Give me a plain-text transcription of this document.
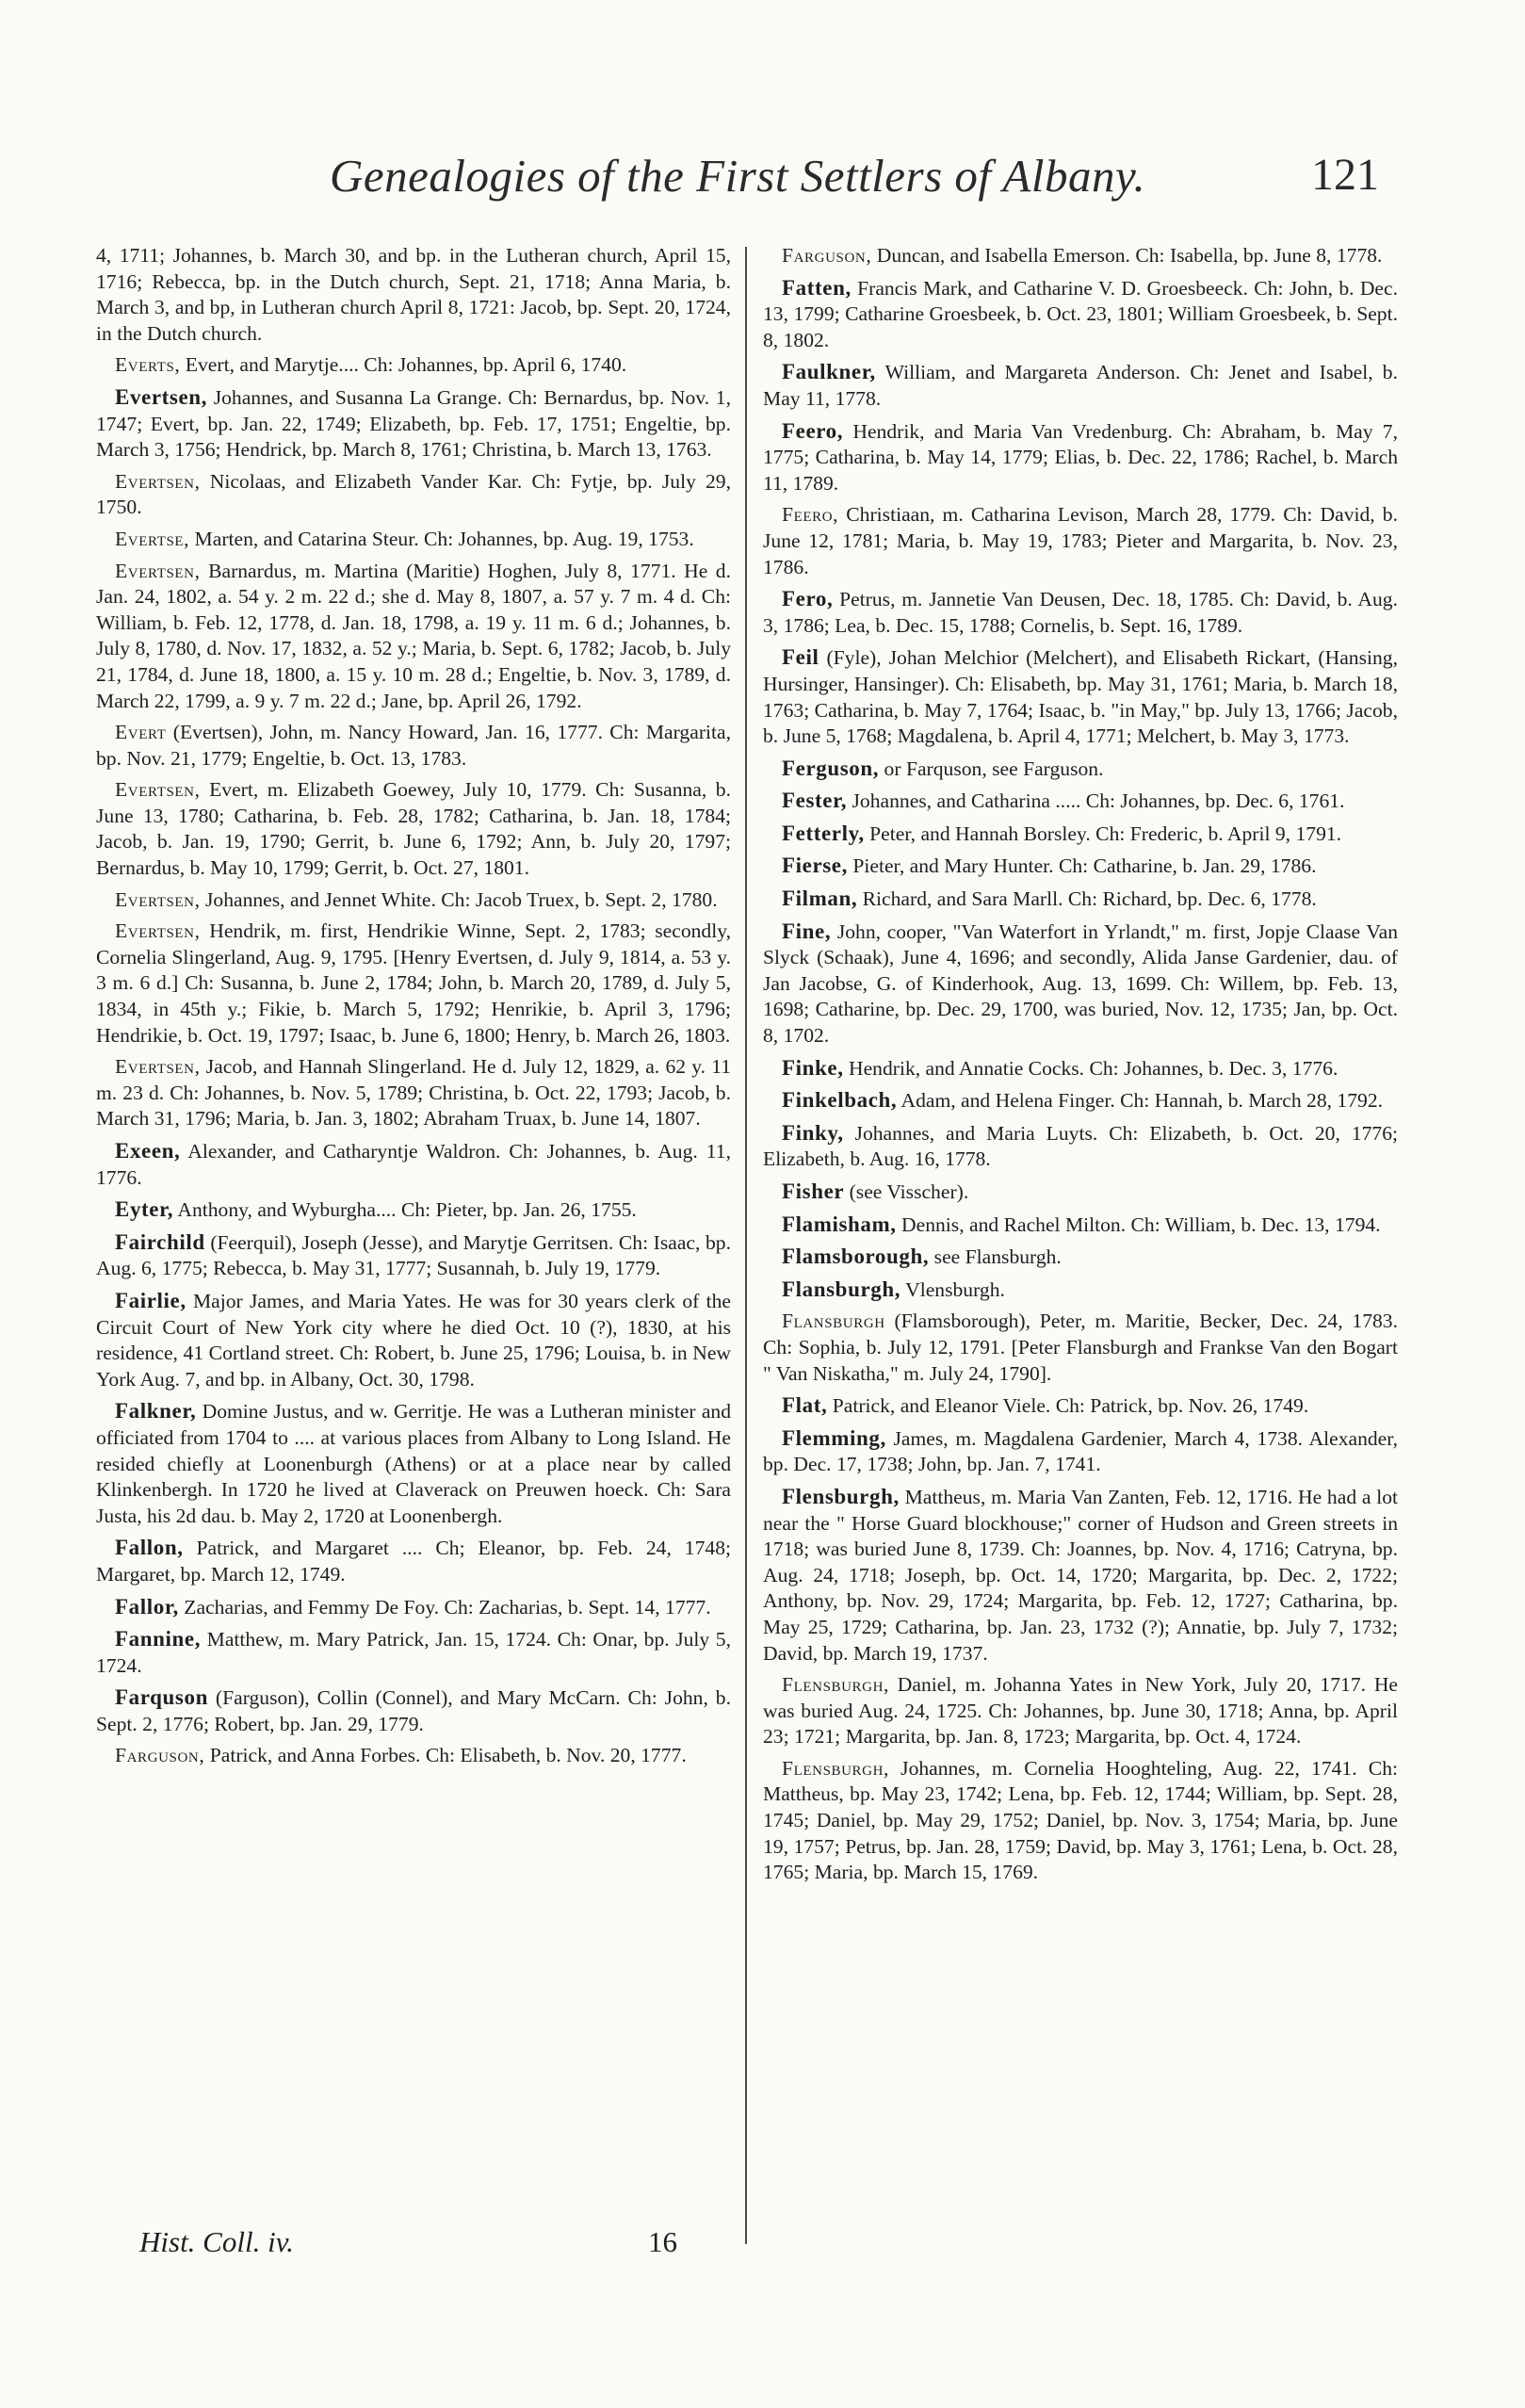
Genealogies of the First Settlers of Albany.	121

4, 1711; Johannes, b. March 30, and bp. in the Lutheran church, April 15, 1716; Rebecca, bp. in the Dutch church, Sept. 21, 1718; Anna Maria, b. March 3, and bp, in Lutheran church April 8, 1721: Jacob, bp. Sept. 20, 1724, in the Dutch church.

Everts, Evert, and Marytje.... Ch: Johannes, bp. April 6, 1740.

Evertsen, Johannes, and Susanna La Grange. Ch: Bernardus, bp. Nov. 1, 1747; Evert, bp. Jan. 22, 1749; Elizabeth, bp. Feb. 17, 1751; Engeltie, bp. March 3, 1756; Hendrick, bp. March 8, 1761; Christina, b. March 13, 1763.

Evertsen, Nicolaas, and Elizabeth Vander Kar. Ch: Fytje, bp. July 29, 1750.

Evertse, Marten, and Catarina Steur. Ch: Johannes, bp. Aug. 19, 1753.

Evertsen, Barnardus, m. Martina (Maritie) Hoghen, July 8, 1771. He d. Jan. 24, 1802, a. 54 y. 2 m. 22 d.; she d. May 8, 1807, a. 57 y. 7 m. 4 d. Ch: William, b. Feb. 12, 1778, d. Jan. 18, 1798, a. 19 y. 11 m. 6 d.; Johannes, b. July 8, 1780, d. Nov. 17, 1832, a. 52 y.; Maria, b. Sept. 6, 1782; Jacob, b. July 21, 1784, d. June 18, 1800, a. 15 y. 10 m. 28 d.; Engeltie, b. Nov. 3, 1789, d. March 22, 1799, a. 9 y. 7 m. 22 d.; Jane, bp. April 26, 1792.

Evert (Evertsen), John, m. Nancy Howard, Jan. 16, 1777. Ch: Margarita, bp. Nov. 21, 1779; Engeltie, b. Oct. 13, 1783.

Evertsen, Evert, m. Elizabeth Goewey, July 10, 1779. Ch: Susanna, b. June 13, 1780; Catharina, b. Feb. 28, 1782; Catharina, b. Jan. 18, 1784; Jacob, b. Jan. 19, 1790; Gerrit, b. June 6, 1792; Ann, b. July 20, 1797; Bernardus, b. May 10, 1799; Gerrit, b. Oct. 27, 1801.

Evertsen, Johannes, and Jennet White. Ch: Jacob Truex, b. Sept. 2, 1780.

Evertsen, Hendrik, m. first, Hendrikie Winne, Sept. 2, 1783; secondly, Cornelia Slingerland, Aug. 9, 1795. [Henry Evertsen, d. July 9, 1814, a. 53 y. 3 m. 6 d.] Ch: Susanna, b. June 2, 1784; John, b. March 20, 1789, d. July 5, 1834, in 45th y.; Fikie, b. March 5, 1792; Henrikie, b. April 3, 1796; Hendrikie, b. Oct. 19, 1797; Isaac, b. June 6, 1800; Henry, b. March 26, 1803.

Evertsen, Jacob, and Hannah Slingerland. He d. July 12, 1829, a. 62 y. 11 m. 23 d. Ch: Johannes, b. Nov. 5, 1789; Christina, b. Oct. 22, 1793; Jacob, b. March 31, 1796; Maria, b. Jan. 3, 1802; Abraham Truax, b. June 14, 1807.

Exeen, Alexander, and Catharyntje Waldron. Ch: Johannes, b. Aug. 11, 1776.

Eyter, Anthony, and Wyburgha.... Ch: Pieter, bp. Jan. 26, 1755.

Fairchild (Feerquil), Joseph (Jesse), and Marytje Gerritsen. Ch: Isaac, bp. Aug. 6, 1775; Rebecca, b. May 31, 1777; Susannah, b. July 19, 1779.

Fairlie, Major James, and Maria Yates. He was for 30 years clerk of the Circuit Court of New York city where he died Oct. 10 (?), 1830, at his residence, 41 Cortland street. Ch: Robert, b. June 25, 1796; Louisa, b. in New York Aug. 7, and bp. in Albany, Oct. 30, 1798.

Falkner, Domine Justus, and w. Gerritje. He was a Lutheran minister and officiated from 1704 to .... at various places from Albany to Long Island. He resided chiefly at Loonenburgh (Athens) or at a place near by called Klinkenbergh. In 1720 he lived at Claverack on Preuwen hoeck. Ch: Sara Justa, his 2d dau. b. May 2, 1720 at Loonenbergh.

Fallon, Patrick, and Margaret .... Ch; Eleanor, bp. Feb. 24, 1748; Margaret, bp. March 12, 1749.

Fallor, Zacharias, and Femmy De Foy. Ch: Zacharias, b. Sept. 14, 1777.

Fannine, Matthew, m. Mary Patrick, Jan. 15, 1724. Ch: Onar, bp. July 5, 1724.

Farquson (Farguson), Collin (Connel), and Mary McCarn. Ch: John, b. Sept. 2, 1776; Robert, bp. Jan. 29, 1779.

Farguson, Patrick, and Anna Forbes. Ch: Elisabeth, b. Nov. 20, 1777.

Farguson, Duncan, and Isabella Emerson. Ch: Isabella, bp. June 8, 1778.

Fatten, Francis Mark, and Catharine V. D. Groesbeeck. Ch: John, b. Dec. 13, 1799; Catharine Groesbeek, b. Oct. 23, 1801; William Groesbeek, b. Sept. 8, 1802.

Faulkner, William, and Margareta Anderson. Ch: Jenet and Isabel, b. May 11, 1778.

Feero, Hendrik, and Maria Van Vredenburg. Ch: Abraham, b. May 7, 1775; Catharina, b. May 14, 1779; Elias, b. Dec. 22, 1786; Rachel, b. March 11, 1789.

Feero, Christiaan, m. Catharina Levison, March 28, 1779. Ch: David, b. June 12, 1781; Maria, b. May 19, 1783; Pieter and Margarita, b. Nov. 23, 1786.

Fero, Petrus, m. Jannetie Van Deusen, Dec. 18, 1785. Ch: David, b. Aug. 3, 1786; Lea, b. Dec. 15, 1788; Cornelis, b. Sept. 16, 1789.

Feil (Fyle), Johan Melchior (Melchert), and Elisabeth Rickart, (Hansing, Hursinger, Hansinger). Ch: Elisabeth, bp. May 31, 1761; Maria, b. March 18, 1763; Catharina, b. May 7, 1764; Isaac, b. "in May," bp. July 13, 1766; Jacob, b. June 5, 1768; Magdalena, b. April 4, 1771; Melchert, b. May 3, 1773.

Ferguson, or Farquson, see Farguson.

Fester, Johannes, and Catharina ..... Ch: Johannes, bp. Dec. 6, 1761.

Fetterly, Peter, and Hannah Borsley. Ch: Frederic, b. April 9, 1791.

Fierse, Pieter, and Mary Hunter. Ch: Catharine, b. Jan. 29, 1786.

Filman, Richard, and Sara Marll. Ch: Richard, bp. Dec. 6, 1778.

Fine, John, cooper, "Van Waterfort in Yrlandt," m. first, Jopje Claase Van Slyck (Schaak), June 4, 1696; and secondly, Alida Janse Gardenier, dau. of Jan Jacobse, G. of Kinderhook, Aug. 13, 1699. Ch: Willem, bp. Feb. 13, 1698; Catharine, bp. Dec. 29, 1700, was buried, Nov. 12, 1735; Jan, bp. Oct. 8, 1702.

Finke, Hendrik, and Annatie Cocks. Ch: Johannes, b. Dec. 3, 1776.

Finkelbach, Adam, and Helena Finger. Ch: Hannah, b. March 28, 1792.

Finky, Johannes, and Maria Luyts. Ch: Elizabeth, b. Oct. 20, 1776; Elizabeth, b. Aug. 16, 1778.

Fisher (see Visscher).

Flamisham, Dennis, and Rachel Milton. Ch: William, b. Dec. 13, 1794.

Flamsborough, see Flansburgh.

Flansburgh, Vlensburgh.

Flansburgh (Flamsborough), Peter, m. Maritie, Becker, Dec. 24, 1783. Ch: Sophia, b. July 12, 1791. [Peter Flansburgh and Frankse Van den Bogart " Van Niskatha," m. July 24, 1790].

Flat, Patrick, and Eleanor Viele. Ch: Patrick, bp. Nov. 26, 1749.

Flemming, James, m. Magdalena Gardenier, March 4, 1738. Alexander, bp. Dec. 17, 1738; John, bp. Jan. 7, 1741.

Flensburgh, Mattheus, m. Maria Van Zanten, Feb. 12, 1716. He had a lot near the " Horse Guard blockhouse;" corner of Hudson and Green streets in 1718; was buried June 8, 1739. Ch: Joannes, bp. Nov. 4, 1716; Catryna, bp. Aug. 24, 1718; Joseph, bp. Oct. 14, 1720; Margarita, bp. Dec. 2, 1722; Anthony, bp. Nov. 29, 1724; Margarita, bp. Feb. 12, 1727; Catharina, bp. May 25, 1729; Catharina, bp. Jan. 23, 1732 (?); Annatie, bp. July 7, 1732; David, bp. March 19, 1737.

Flensburgh, Daniel, m. Johanna Yates in New York, July 20, 1717. He was buried Aug. 24, 1725. Ch: Johannes, bp. June 30, 1718; Anna, bp. April 23; 1721; Margarita, bp. Jan. 8, 1723; Margarita, bp. Oct. 4, 1724.

Flensburgh, Johannes, m. Cornelia Hooghteling, Aug. 22, 1741. Ch: Mattheus, bp. May 23, 1742; Lena, bp. Feb. 12, 1744; William, bp. Sept. 28, 1745; Daniel, bp. May 29, 1752; Daniel, bp. Nov. 3, 1754; Maria, bp. June 19, 1757; Petrus, bp. Jan. 28, 1759; David, bp. May 3, 1761; Lena, b. Oct. 28, 1765; Maria, bp. March 15, 1769.

Hist. Coll. iv.	16
